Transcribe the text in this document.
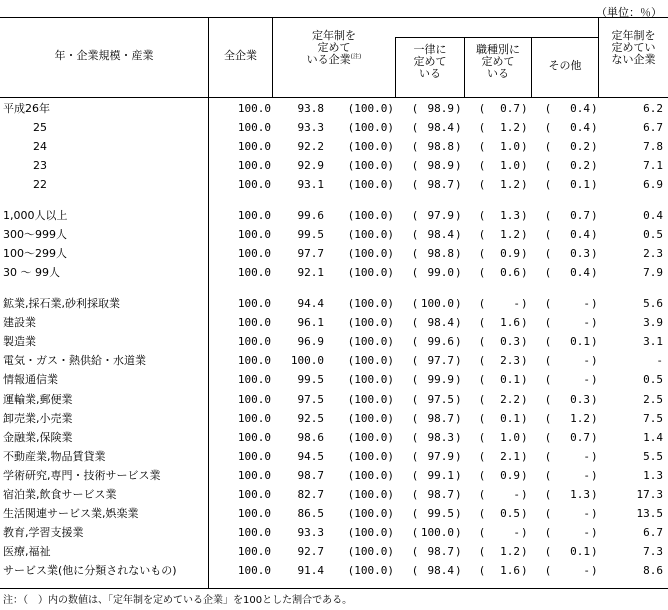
（単位：％）
年・企業規模・産業	全企業
定年制を
定めて
いる企業$^{(注)}$
一律に
定めて
いる
職種別に
定めて
いる
その他
定年制を
定めてい
ない企業
平成26年	100.0	93.8	(100.0) ( 98.9 ) (	0.7 ) (	0.4 )	6.2
25	100.0	93.3	(100.0) ( 98.4 ) (	1.2 ) (	0.4 )	6.7
24	100.0	92.2	(100.0) ( 98.8 ) (	1.0 ) (	0.2 )	7.8
23	100.0	92.9	(100.0) ( 98.9 ) (	1.0 ) (	0.2 )	7.1
22	100.0	93.1	(100.0) ( 98.7 ) (	1.2 ) (	0.1 )	6.9
1,000人以上	100.0	99.6	(100.0) ( 97.9 ) (	1.3 ) (	0.7 )	0.4
300～999人	100.0	99.5	(100.0) ( 98.4 ) (	1.2 ) (	0.4 )	0.5
100～299人	100.0	97.7	(100.0) ( 98.8 ) (	0.9 ) (	0.3 )	2.3
30 ～ 99人	100.0	92.1	(100.0) ( 99.0 ) (	0.6 ) (	0.4 )	7.9
鉱業,採石業,砂利採取業	100.0	94.4	(100.0) ( 100.0 ) (	- ) (	- )	5.6
建設業	100.0	96.1	(100.0) ( 98.4 ) (	1.6 ) (	- )	3.9
製造業	100.0	96.9	(100.0) ( 99.6 ) (	0.3 ) (	0.1 )	3.1
電気・ガス・熱供給・水道業	100.0	100.0	(100.0) ( 97.7 ) (	2.3 ) (	- )	-
情報通信業	100.0	99.5	(100.0) ( 99.9 ) (	0.1 ) (	- )	0.5
運輸業,郵便業	100.0	97.5	(100.0) ( 97.5 ) (	2.2 ) (	0.3 )	2.5
卸売業,小売業	100.0	92.5	(100.0) ( 98.7 ) (	0.1 ) (	1.2 )	7.5
金融業,保険業	100.0	98.6	(100.0) ( 98.3 ) (	1.0 ) (	0.7 )	1.4
不動産業,物品賃貸業	100.0	94.5	(100.0) ( 97.9 ) (	2.1 ) (	- )	5.5
学術研究,専門・技術サービス業	100.0	98.7	(100.0) ( 99.1 ) (	0.9 ) (	- )	1.3
宿泊業,飲食サービス業	100.0	82.7	(100.0) ( 98.7 ) (	- ) (	1.3 )	17.3
生活関連サービス業,娯楽業	100.0	86.5	(100.0) ( 99.5 ) (	0.5 ) (	- )	13.5
教育,学習支援業	100.0	93.3	(100.0) ( 100.0 ) (	- ) (	- )	6.7
医療,福祉	100.0	92.7	(100.0) ( 98.7 ) (	1.2 ) (	0.1 )	7.3
サービス業(他に分類されないもの)	100.0	91.4	(100.0) ( 98.4 ) (	1.6 ) (	- )	8.6
注：（　）内の数値は、「定年制を定めている企業」を100とした割合である。
